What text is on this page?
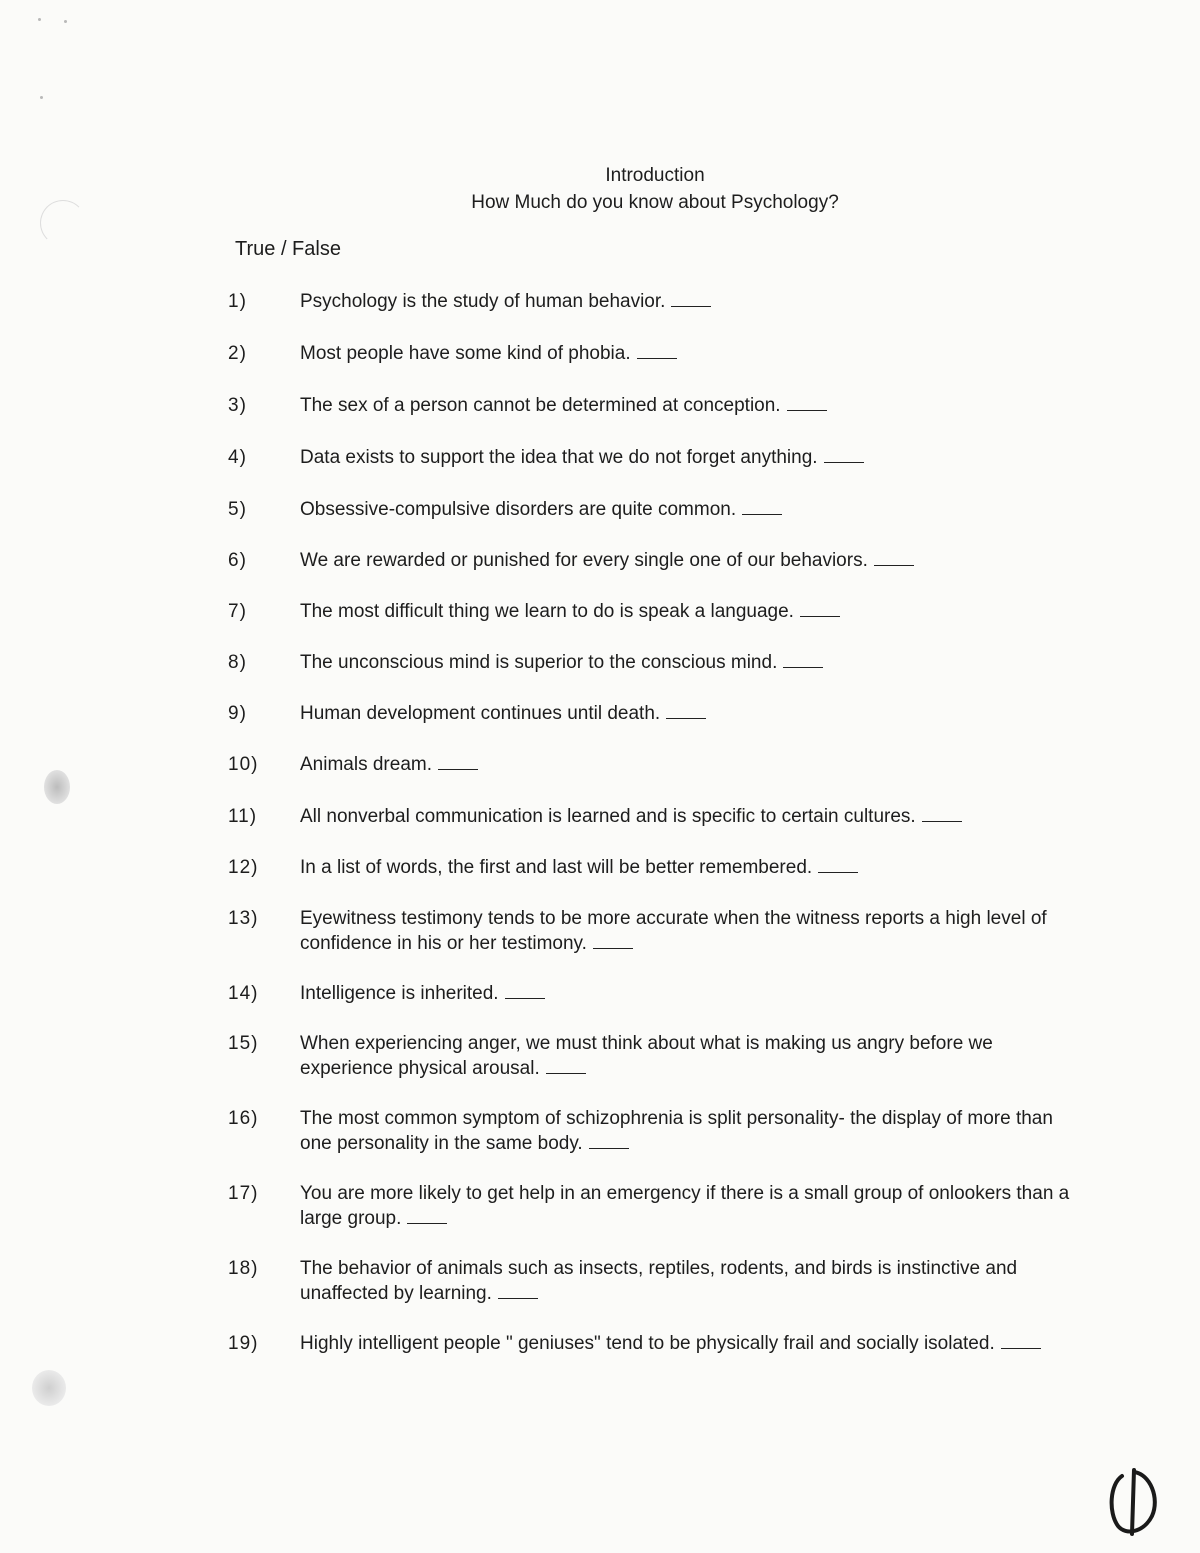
Introduction
How Much do you know about Psychology?
True / False
1)	Psychology is the study of human behavior.
2)	Most people have some kind of phobia.
3)	The sex of a person cannot be determined at conception.
4)	Data exists to support the idea that we do not forget anything.
5)	Obsessive-compulsive disorders are quite common.
6)	We are rewarded or punished for every single one of our behaviors.
7)	The most difficult thing we learn to do is speak a language.
8)	The unconscious mind is superior to the conscious mind.
9)	Human development continues until death.
10)	Animals dream.
11)	All nonverbal communication is learned and is specific to certain cultures.
12)	In a list of words, the first and last will be better remembered.
13)	Eyewitness testimony tends to be more accurate when the witness reports a high level of confidence in his or her testimony.
14)	Intelligence is inherited.
15)	When experiencing anger, we must think about what is making us angry before we experience physical arousal.
16)	The most common symptom of schizophrenia is split personality- the display of more than one personality in the same body.
17)	You are more likely to get help in an emergency if there is a small group of onlookers than a large group.
18)	The behavior of animals such as insects, reptiles, rodents, and birds is instinctive and unaffected by learning.
19)	Highly intelligent people " geniuses" tend to be physically frail and socially isolated.
